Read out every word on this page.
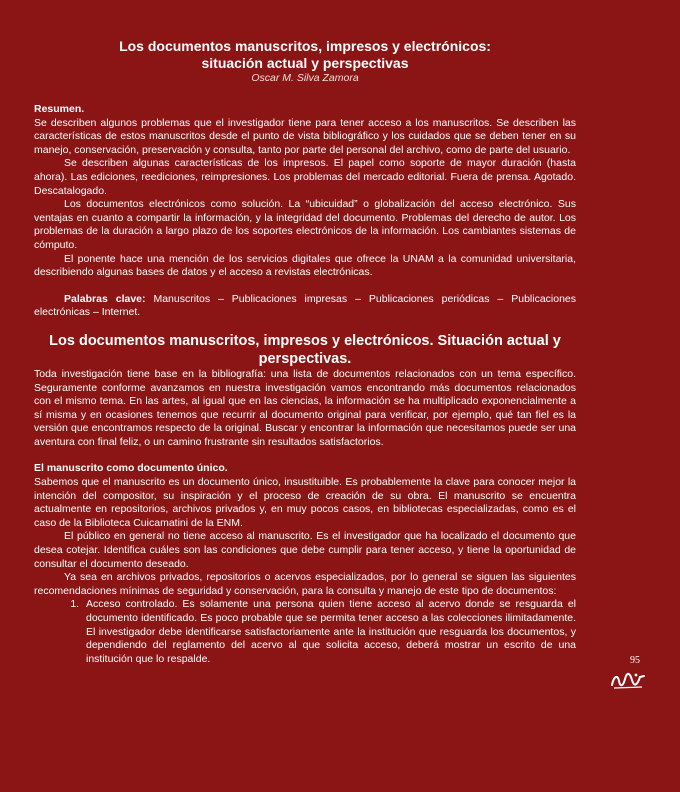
Los documentos manuscritos, impresos y electrónicos:

situación actual y perspectivas

Oscar M. Silva Zamora

Resumen.

Se describen algunos problemas que el investigador tiene para tener acceso a los manuscritos. Se describen las características de estos manuscritos desde el punto de vista bibliográfico y los cuidados que se deben tener en su manejo, conservación, preservación y consulta, tanto por parte del personal del archivo, como de parte del usuario.

Se describen algunas características de los impresos. El papel como soporte de mayor duración (hasta ahora). Las ediciones, reediciones, reimpresiones. Los problemas del mercado editorial. Fuera de prensa. Agotado. Descatalogado.

Los documentos electrónicos como solución. La “ubicuidad” o globalización del acceso electrónico. Sus ventajas en cuanto a compartir la información, y la integridad del documento. Problemas del derecho de autor. Los problemas de la duración a largo plazo de los soportes electrónicos de la información. Los cambiantes sistemas de cómputo.

El ponente hace una mención de los servicios digitales que ofrece la UNAM a la comunidad universitaria, describiendo algunas bases de datos y el acceso a revistas electrónicas.

Palabras clave: Manuscritos – Publicaciones impresas – Publicaciones periódicas – Publicaciones electrónicas – Internet.

Los documentos manuscritos, impresos y electrónicos. Situación actual y perspectivas.

Toda investigación tiene base en la bibliografía: una lista de documentos relacionados con un tema específico. Seguramente conforme avanzamos en nuestra investigación vamos encontrando más documentos relacionados con el mismo tema. En las artes, al igual que en las ciencias, la información se ha multiplicado exponencialmente a sí misma y en ocasiones tenemos que recurrir al documento original para verificar, por ejemplo, qué tan fiel es la versión que encontramos respecto de la original. Buscar y encontrar la información que necesitamos puede ser una aventura con final feliz, o un camino frustrante sin resultados satisfactorios.

El manuscrito como documento único.

Sabemos que el manuscrito es un documento único, insustituible. Es probablemente la clave para conocer mejor la intención del compositor, su inspiración y el proceso de creación de su obra. El manuscrito se encuentra actualmente en repositorios, archivos privados y, en muy pocos casos, en bibliotecas especializadas, como es el caso de la Biblioteca Cuicamatini de la ENM.

El público en general no tiene acceso al manuscrito. Es el investigador que ha localizado el documento que desea cotejar. Identifica cuáles son las condiciones que debe cumplir para tener acceso, y tiene la oportunidad de consultar el documento deseado.

Ya sea en archivos privados, repositorios o acervos especializados, por lo general se siguen las siguientes recomendaciones mínimas de seguridad y conservación, para la consulta y manejo de este tipo de documentos:

1. Acceso controlado. Es solamente una persona quien tiene acceso al acervo donde se resguarda el documento identificado. Es poco probable que se permita tener acceso a las colecciones ilimitadamente. El investigador debe identificarse satisfactoriamente ante la institución que resguarda los documentos, y dependiendo del reglamento del acervo al que solicita acceso, deberá mostrar un escrito de una institución que lo respalde.	95
